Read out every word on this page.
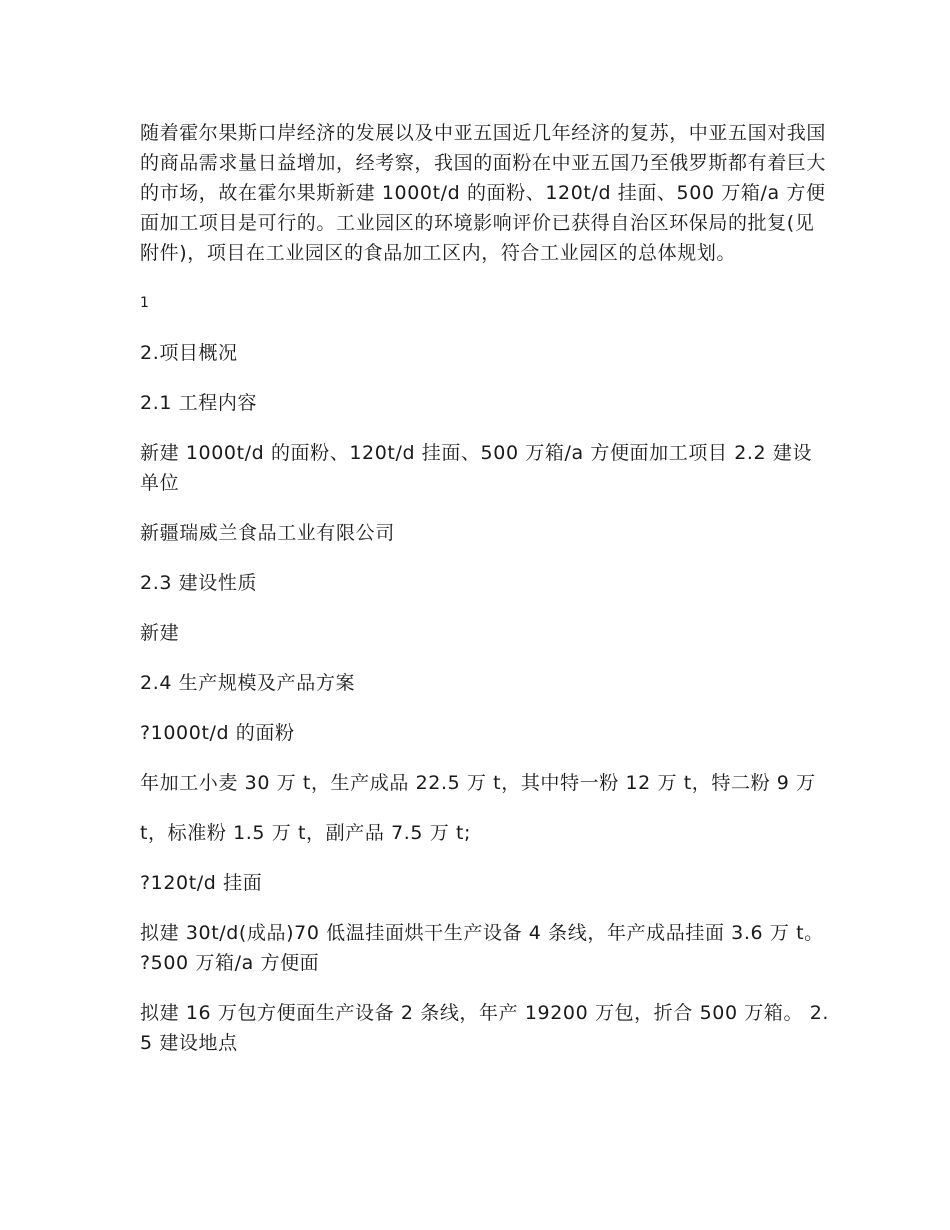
随着霍尔果斯口岸经济的发展以及中亚五国近几年经济的复苏，中亚五国对我国的商品需求量日益增加，经考察，我国的面粉在中亚五国乃至俄罗斯都有着巨大的市场，故在霍尔果斯新建 1000t/d 的面粉、120t/d 挂面、500 万箱/a 方便面加工项目是可行的。工业园区的环境影响评价已获得自治区环保局的批复(见附件)，项目在工业园区的食品加工区内，符合工业园区的总体规划。

1

2.项目概况

2.1 工程内容

新建 1000t/d 的面粉、120t/d 挂面、500 万箱/a 方便面加工项目 2.2 建设单位

新疆瑞威兰食品工业有限公司

2.3 建设性质

新建

2.4 生产规模及产品方案

?1000t/d 的面粉

年加工小麦 30 万 t，生产成品 22.5 万 t，其中特一粉 12 万 t，特二粉 9 万

t，标准粉 1.5 万 t，副产品 7.5 万 t;

?120t/d 挂面

拟建 30t/d(成品)70 低温挂面烘干生产设备 4 条线，年产成品挂面 3.6 万 t。 ?500 万箱/a 方便面

拟建 16 万包方便面生产设备 2 条线，年产 19200 万包，折合 500 万箱。 2.5 建设地点
